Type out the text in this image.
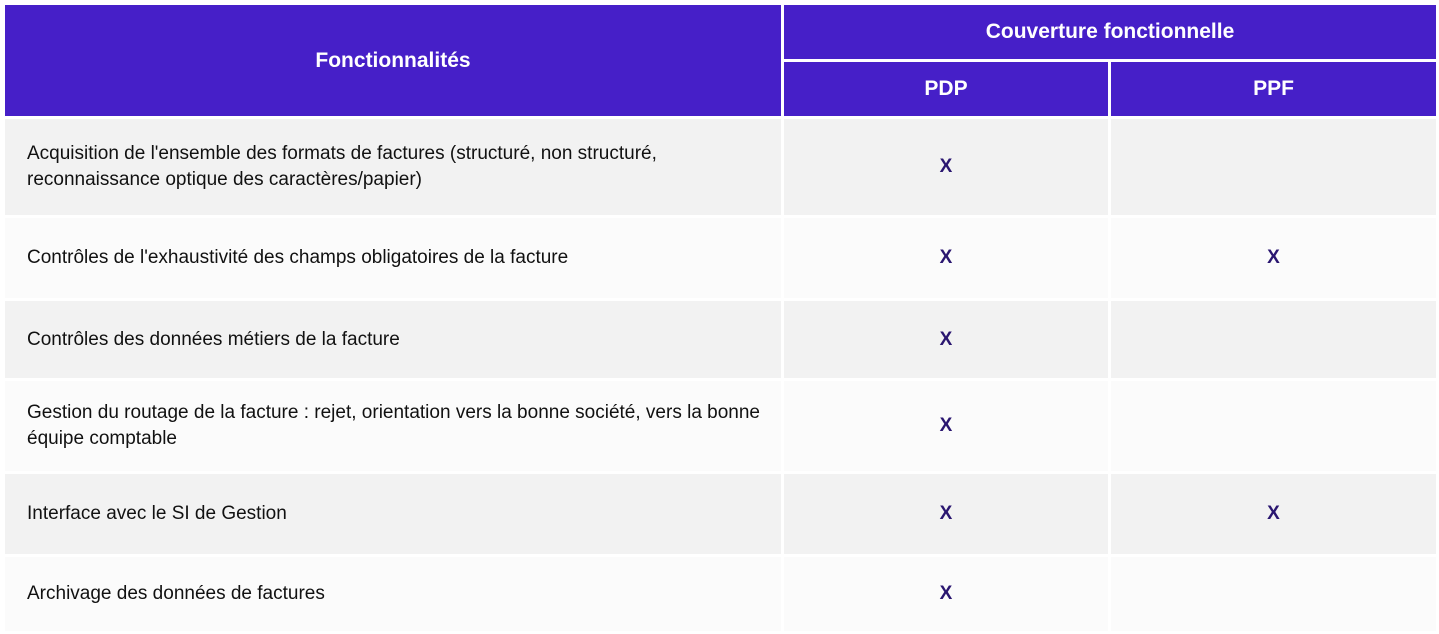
Fonctionnalités	Couverture fonctionnelle	
	PDP	PPF
Acquisition de l'ensemble des formats de factures (structuré, non structuré, reconnaissance optique des caractères/papier)	X	
Contrôles de l'exhaustivité des champs obligatoires de la facture	X	X
Contrôles des données métiers de la facture	X	
Gestion du routage de la facture : rejet, orientation vers la bonne société, vers la bonne équipe comptable	X	
Interface avec le SI de Gestion	X	X
Archivage des données de factures	X	
